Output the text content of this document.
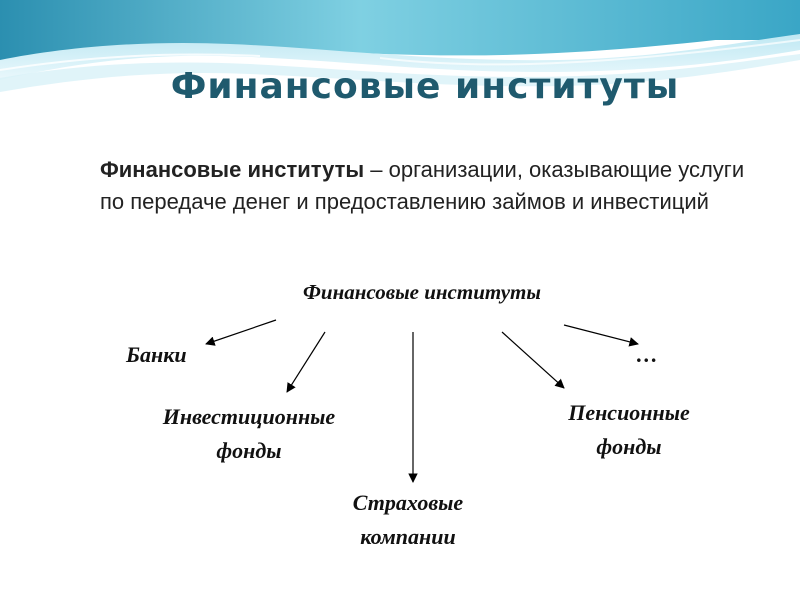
Финансовые институты
Финансовые институты – организации, оказывающие услуги по передаче денег и предоставлению займов и инвестиций
Финансовые институты
Банки	…
Инвестиционные
фонды
Пенсионные
фонды
Страховые
компании
